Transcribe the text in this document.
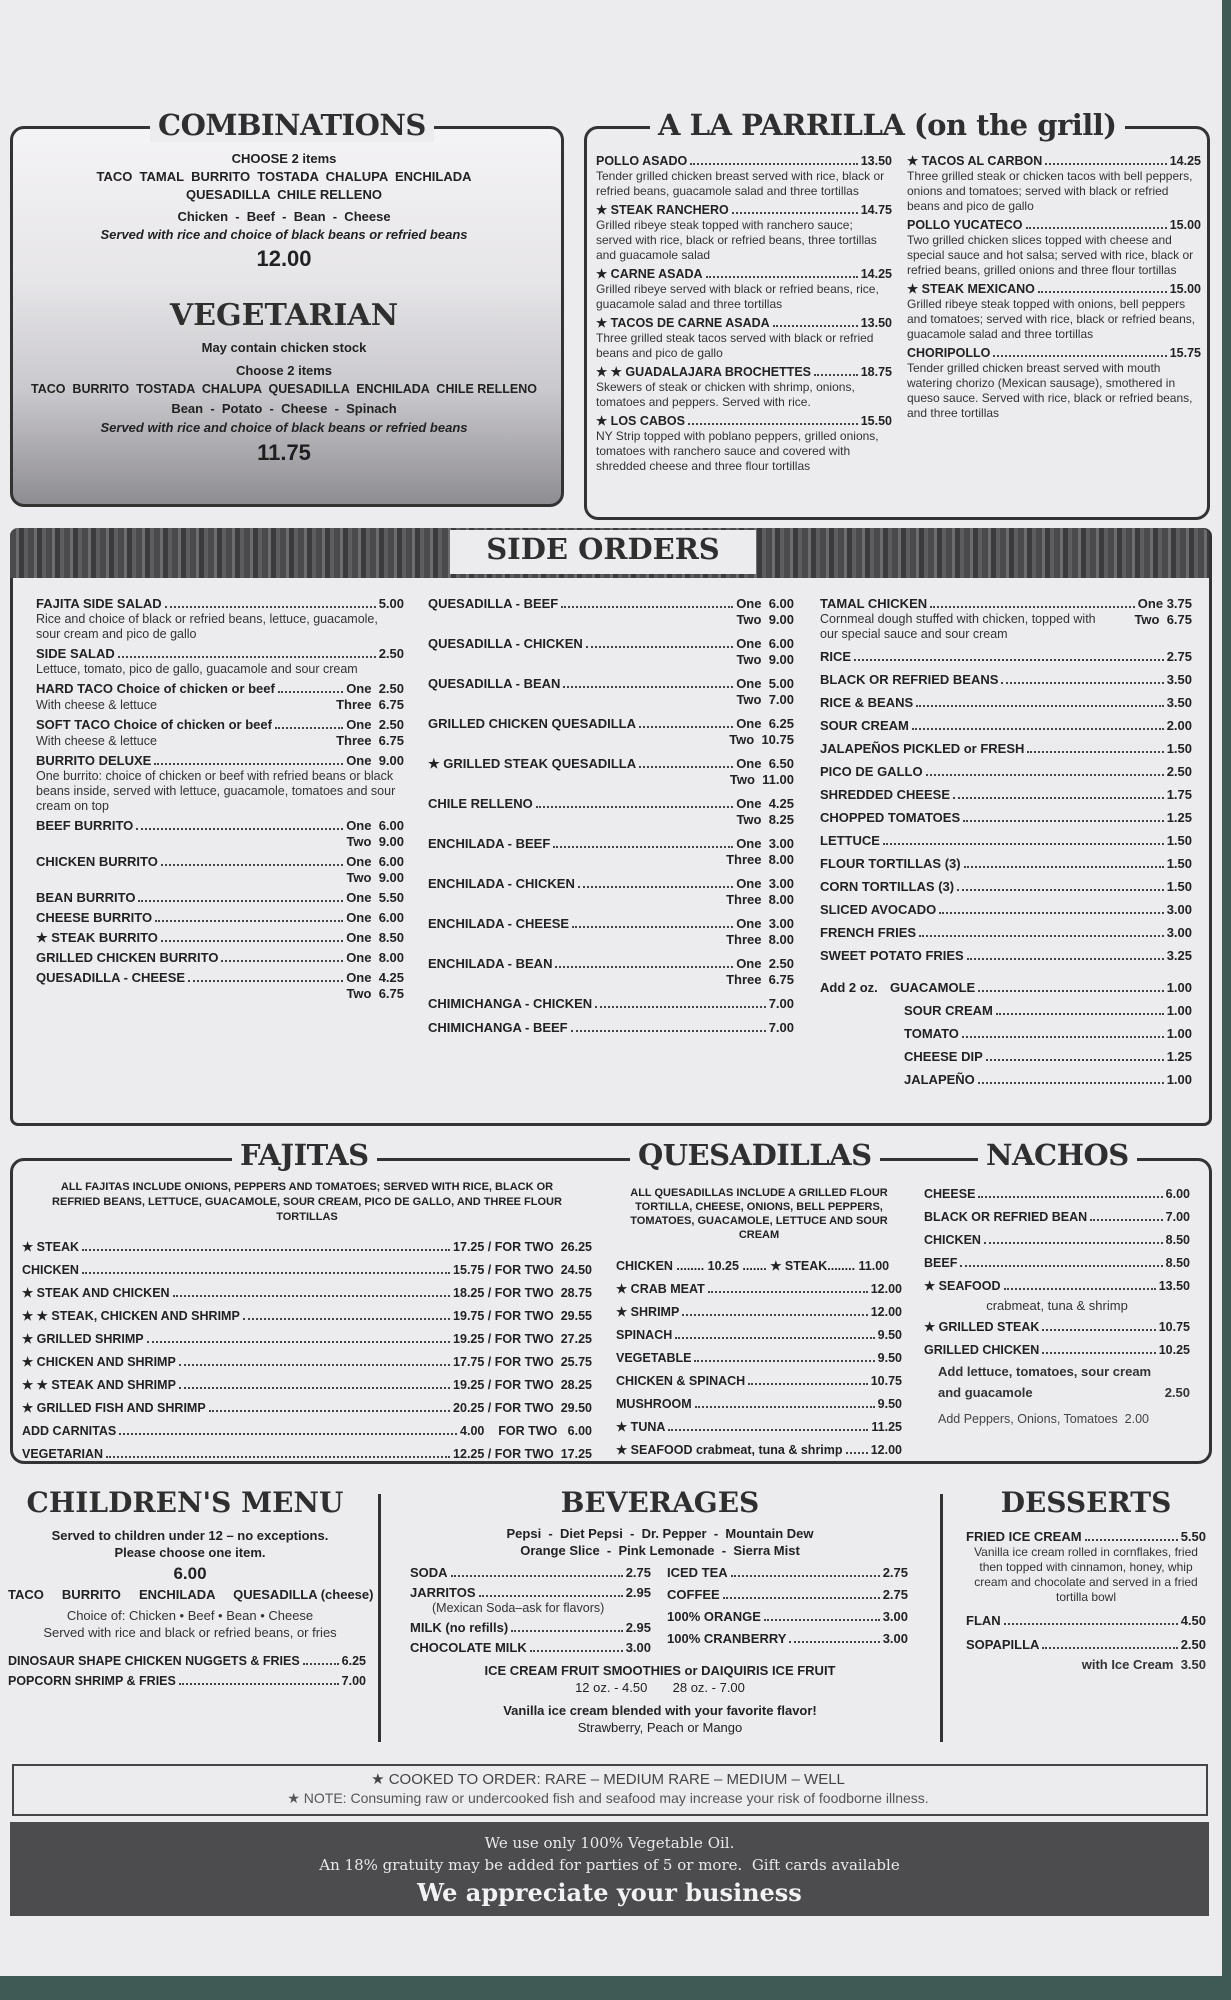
COMBINATIONS
CHOOSE 2 items
TACO  TAMAL  BURRITO  TOSTADA  CHALUPA  ENCHILADA
QUESADILLA  CHILE RELLENO
Chicken  -  Beef  -  Bean  -  Cheese
Served with rice and choice of black beans or refried beans
12.00
VEGETARIAN
May contain chicken stock
Choose 2 items
TACO  BURRITO  TOSTADA  CHALUPA  QUESADILLA  ENCHILADA  CHILE RELLENO
Bean  -  Potato  -  Cheese  -  Spinach
Served with rice and choice of black beans or refried beans
11.75
A LA PARRILLA (on the grill)
POLLO ASADO	13.50
Tender grilled chicken breast served with rice, black or refried beans, guacamole salad and three tortillas
★ STEAK RANCHERO	14.75
Grilled ribeye steak topped with ranchero sauce; served with rice, black or refried beans, three tortillas and guacamole salad
★ CARNE ASADA	14.25
Grilled ribeye served with black or refried beans, rice, guacamole salad and three tortillas
★ TACOS DE CARNE ASADA	13.50
Three grilled steak tacos served with black or refried beans and pico de gallo
★ ★ GUADALAJARA BROCHETTES	18.75
Skewers of steak or chicken with shrimp, onions, tomatoes and peppers. Served with rice.
★ LOS CABOS	15.50
NY Strip topped with poblano peppers, grilled onions, tomatoes with ranchero sauce and covered with shredded cheese and three flour tortillas
★ TACOS AL CARBON	14.25
Three grilled steak or chicken tacos with bell peppers, onions and tomatoes; served with black or refried beans and pico de gallo
POLLO YUCATECO	15.00
Two grilled chicken slices topped with cheese and special sauce and hot salsa; served with rice, black or refried beans, grilled onions and three flour tortillas
★ STEAK MEXICANO	15.00
Grilled ribeye steak topped with onions, bell peppers and tomatoes; served with rice, black or refried beans, guacamole salad and three tortillas
CHORIPOLLO	15.75
Tender grilled chicken breast served with mouth watering chorizo (Mexican sausage), smothered in queso sauce. Served with rice, black or refried beans, and three tortillas
SIDE ORDERS
FAJITA SIDE SALAD	5.00
Rice and choice of black or refried beans, lettuce, guacamole, sour cream and pico de gallo
SIDE SALAD	2.50
Lettuce, tomato, pico de gallo, guacamole and sour cream
HARD TACO Choice of chicken or beef	One  2.50
With cheese & lettuce	Three  6.75
SOFT TACO Choice of chicken or beef	One  2.50
With cheese & lettuce	Three  6.75
BURRITO DELUXE	One  9.00
One burrito: choice of chicken or beef with refried beans or black beans inside, served with lettuce, guacamole, tomatoes and sour cream on top
BEEF BURRITO	One  6.00
Two  9.00
CHICKEN BURRITO	One  6.00
Two  9.00
BEAN BURRITO	One  5.50
CHEESE BURRITO	One  6.00
★ STEAK BURRITO	One  8.50
GRILLED CHICKEN BURRITO	One  8.00
QUESADILLA - CHEESE	One  4.25
Two  6.75
QUESADILLA - BEEF	One  6.00
Two  9.00
QUESADILLA - CHICKEN	One  6.00
Two  9.00
QUESADILLA - BEAN	One  5.00
Two  7.00
GRILLED CHICKEN QUESADILLA	One  6.25
Two  10.75
★ GRILLED STEAK QUESADILLA	One  6.50
Two  11.00
CHILE RELLENO	One  4.25
Two  8.25
ENCHILADA - BEEF	One  3.00
Three  8.00
ENCHILADA - CHICKEN	One  3.00
Three  8.00
ENCHILADA - CHEESE	One  3.00
Three  8.00
ENCHILADA - BEAN	One  2.50
Three  6.75
CHIMICHANGA - CHICKEN	7.00
CHIMICHANGA - BEEF	7.00
TAMAL CHICKEN	One 3.75
Cornmeal dough stuffed with chicken, topped with our special sauce and sour cream
Two  6.75
RICE	2.75
BLACK OR REFRIED BEANS	3.50
RICE & BEANS	3.50
SOUR CREAM	2.00
JALAPEÑOS PICKLED or FRESH	1.50
PICO DE GALLO	2.50
SHREDDED CHEESE	1.75
CHOPPED TOMATOES	1.25
LETTUCE	1.50
FLOUR TORTILLAS (3)	1.50
CORN TORTILLAS (3)	1.50
SLICED AVOCADO	3.00
FRENCH FRIES	3.00
SWEET POTATO FRIES	3.25
Add 2 oz. GUACAMOLE	1.00
SOUR CREAM	1.00
TOMATO	1.00
CHEESE DIP	1.25
JALAPEÑO	1.00
FAJITAS	QUESADILLAS	NACHOS
ALL FAJITAS INCLUDE ONIONS, PEPPERS AND TOMATOES; SERVED WITH RICE, BLACK OR REFRIED BEANS, LETTUCE, GUACAMOLE, SOUR CREAM, PICO DE GALLO, AND THREE FLOUR TORTILLAS
★ STEAK	17.25 / FOR TWO  26.25
CHICKEN	15.75 / FOR TWO  24.50
★ STEAK AND CHICKEN	18.25 / FOR TWO  28.75
★ ★ STEAK, CHICKEN AND SHRIMP	19.75 / FOR TWO  29.55
★ GRILLED SHRIMP	19.25 / FOR TWO  27.25
★ CHICKEN AND SHRIMP	17.75 / FOR TWO  25.75
★ ★ STEAK AND SHRIMP	19.25 / FOR TWO  28.25
★ GRILLED FISH AND SHRIMP	20.25 / FOR TWO  29.50
ADD CARNITAS	4.00    FOR TWO   6.00
VEGETARIAN	12.25 / FOR TWO  17.25
ALL QUESADILLAS INCLUDE A GRILLED FLOUR TORTILLA, CHEESE, ONIONS, BELL PEPPERS, TOMATOES, GUACAMOLE, LETTUCE AND SOUR CREAM
CHICKEN ........ 10.25 ....... ★ STEAK........ 11.00
★ CRAB MEAT	12.00
★ SHRIMP	12.00
SPINACH	9.50
VEGETABLE	9.50
CHICKEN & SPINACH	10.75
MUSHROOM	9.50
★ TUNA	11.25
★ SEAFOOD crabmeat, tuna & shrimp 12.00
CHEESE	6.00
BLACK OR REFRIED BEAN	7.00
CHICKEN	8.50
BEEF	8.50
★ SEAFOOD	13.50
crabmeat, tuna & shrimp
★ GRILLED STEAK	10.75
GRILLED CHICKEN	10.25
Add lettuce, tomatoes, sour cream
and guacamole	2.50
Add Peppers, Onions, Tomatoes  2.00
CHILDREN'S MENU
Served to children under 12 – no exceptions.
Please choose one item.
6.00
TACO     BURRITO     ENCHILADA     QUESADILLA (cheese)
Choice of: Chicken • Beef • Bean • Cheese
Served with rice and black or refried beans, or fries
DINOSAUR SHAPE CHICKEN NUGGETS & FRIES	6.25
POPCORN SHRIMP & FRIES	7.00
BEVERAGES
Pepsi  -  Diet Pepsi  -  Dr. Pepper  -  Mountain Dew
Orange Slice  -  Pink Lemonade  -  Sierra Mist
SODA	2.75
JARRITOS	2.95
(Mexican Soda–ask for flavors)
MILK (no refills)	2.95
CHOCOLATE MILK	3.00
ICED TEA	2.75
COFFEE	2.75
100% ORANGE	3.00
100% CRANBERRY	3.00
ICE CREAM FRUIT SMOOTHIES or DAIQUIRIS ICE FRUIT
12 oz. - 4.50       28 oz. - 7.00
Vanilla ice cream blended with your favorite flavor!
Strawberry, Peach or Mango
DESSERTS
FRIED ICE CREAM	5.50
Vanilla ice cream rolled in cornflakes, fried then topped with cinnamon, honey, whip cream and chocolate and served in a fried tortilla bowl
FLAN	4.50
SOPAPILLA	2.50
with Ice Cream  3.50
★ COOKED TO ORDER: RARE – MEDIUM RARE – MEDIUM – WELL
★ NOTE: Consuming raw or undercooked fish and seafood may increase your risk of foodborne illness.
We use only 100% Vegetable Oil.
An 18% gratuity may be added for parties of 5 or more.  Gift cards available
We appreciate your business
